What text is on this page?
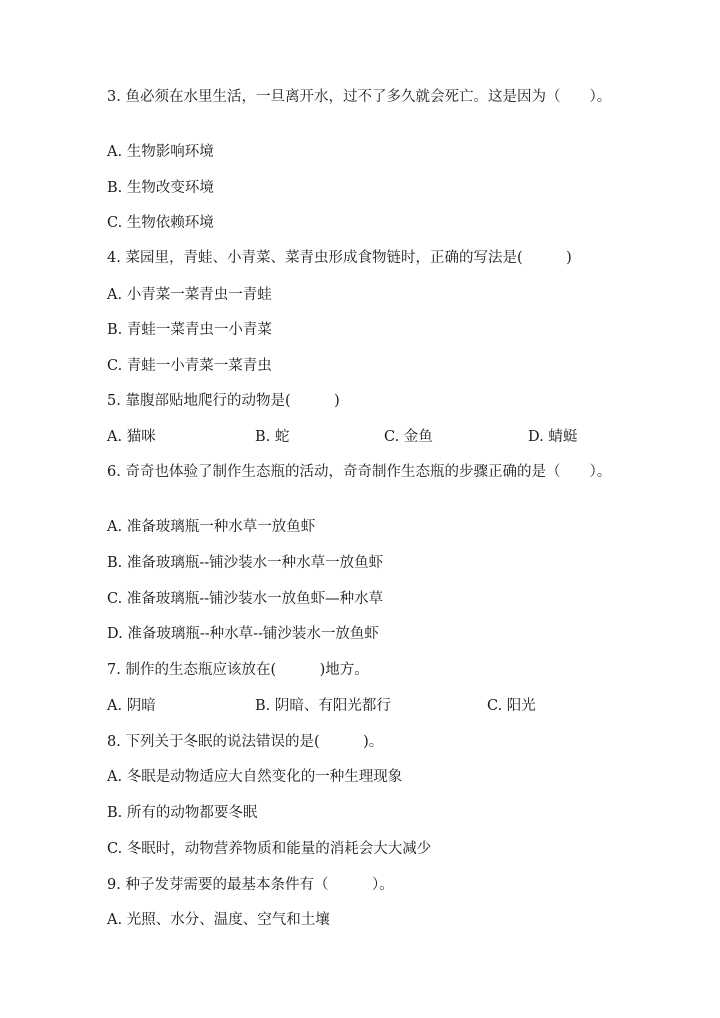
3. 鱼必须在水里生活，一旦离开水，过不了多久就会死亡。这是因为（　　）。
A. 生物影响环境
B. 生物改变环境
C. 生物依赖环境
4. 菜园里，青蛙、小青菜、菜青虫形成食物链时，正确的写法是(　　　)
A. 小青菜一菜青虫一青蛙
B. 青蛙一菜青虫一小青菜
C. 青蛙一小青菜一菜青虫
5. 靠腹部贴地爬行的动物是(　　　)
A. 猫咪	B. 蛇	C. 金鱼	D. 蜻蜓
6. 奇奇也体验了制作生态瓶的活动，奇奇制作生态瓶的步骤正确的是（　　）。
A. 准备玻璃瓶一种水草一放鱼虾
B. 准备玻璃瓶--铺沙装水一种水草一放鱼虾
C. 准备玻璃瓶--铺沙装水一放鱼虾—种水草
D. 准备玻璃瓶--种水草--铺沙装水一放鱼虾
7. 制作的生态瓶应该放在(　　　)地方。
A. 阴暗	B. 阴暗、有阳光都行	C. 阳光
8. 下列关于冬眠的说法错误的是(　　　)。
A. 冬眠是动物适应大自然变化的一种生理现象
B. 所有的动物都要冬眠
C. 冬眠时，动物营养物质和能量的消耗会大大减少
9. 种子发芽需要的最基本条件有（　　　）。
A. 光照、水分、温度、空气和土壤
